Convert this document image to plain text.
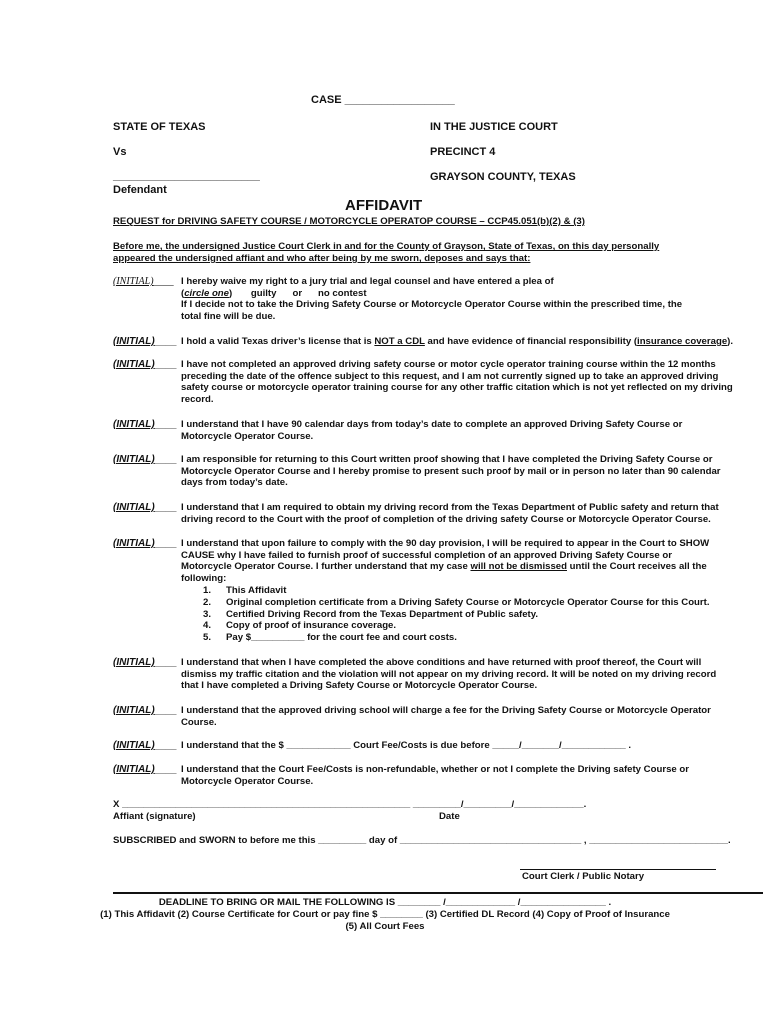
CASE __________________
STATE OF TEXAS	IN THE JUSTICE COURT
Vs	PRECINCT 4
________________________	GRAYSON COUNTY, TEXAS
Defendant
AFFIDAVIT
REQUEST for DRIVING SAFETY COURSE / MOTORCYCLE OPERATOP COURSE – CCP45.051(b)(2) & (3)
Before me, the undersigned Justice Court Clerk in and for the County of Grayson, State of Texas, on this day personally
appeared the undersigned affiant and who after being by me sworn, deposes and says that:
(INITIAL)____ I hereby waive my right to a jury trial and legal counsel and have entered a plea of
(circle one)       guilty or no contest
If I decide not to take the Driving Safety Course or Motorcycle Operator Course within the prescribed time, the
total fine will be due.
(INITIAL)____ I hold a valid Texas driver’s license that is NOT a CDL and have evidence of financial responsibility (insurance coverage).
(INITIAL)____ I have not completed an approved driving safety course or motor cycle operator training course within the 12 months
preceding the date of the offence subject to this request, and I am not currently signed up to take an approved driving
safety course or motorcycle operator training course for any other traffic citation which is not yet reflected on my driving
record.
(INITIAL)____ I understand that I have 90 calendar days from today’s date to complete an approved Driving Safety Course or
Motorcycle Operator Course.
(INITIAL)____ I am responsible for returning to this Court written proof showing that I have completed the Driving Safety Course or
Motorcycle Operator Course and I hereby promise to present such proof by mail or in person no later than 90 calendar
days from today’s date.
(INITIAL)____ I understand that I am required to obtain my driving record from the Texas Department of Public safety and return that
driving record to the Court with the proof of completion of the driving safety Course or Motorcycle Operator Course.
(INITIAL)____ I understand that upon failure to comply with the 90 day provision, I will be required to appear in the Court to SHOW
CAUSE why I have failed to furnish proof of successful completion of an approved Driving Safety Course or
Motorcycle Operator Course. I further understand that my case will not be dismissed until the Court receives all the
following:
1. This Affidavit
2. Original completion certificate from a Driving Safety Course or Motorcycle Operator Course for this Court.
3. Certified Driving Record from the Texas Department of Public safety.
4. Copy of proof of insurance coverage.
5. Pay $__________ for the court fee and court costs.
(INITIAL)____ I understand that when I have completed the above conditions and have returned with proof thereof, the Court will
dismiss my traffic citation and the violation will not appear on my driving record. It will be noted on my driving record
that I have completed a Driving Safety Course or Motorcycle Operator Course.
(INITIAL)____ I understand that the approved driving school will charge a fee for the Driving Safety Course or Motorcycle Operator
Course.
(INITIAL)____ I understand that the $ ____________ Court Fee/Costs is due before _____/_______/____________ .
(INITIAL)____ I understand that the Court Fee/Costs is non-refundable, whether or not I complete the Driving safety Course or
Motorcycle Operator Course.
X ______________________________________________________ _________/_________/_____________.
Affiant (signature)	Date
SUBSCRIBED and SWORN to before me this _________ day of __________________________________ , __________________________.
Court Clerk / Public Notary
DEADLINE TO BRING OR MAIL THE FOLLOWING IS ________ /_____________ /________________ .
(1) This Affidavit (2) Course Certificate for Court or pay fine $ ________ (3) Certified DL Record (4) Copy of Proof of Insurance
(5) All Court Fees
